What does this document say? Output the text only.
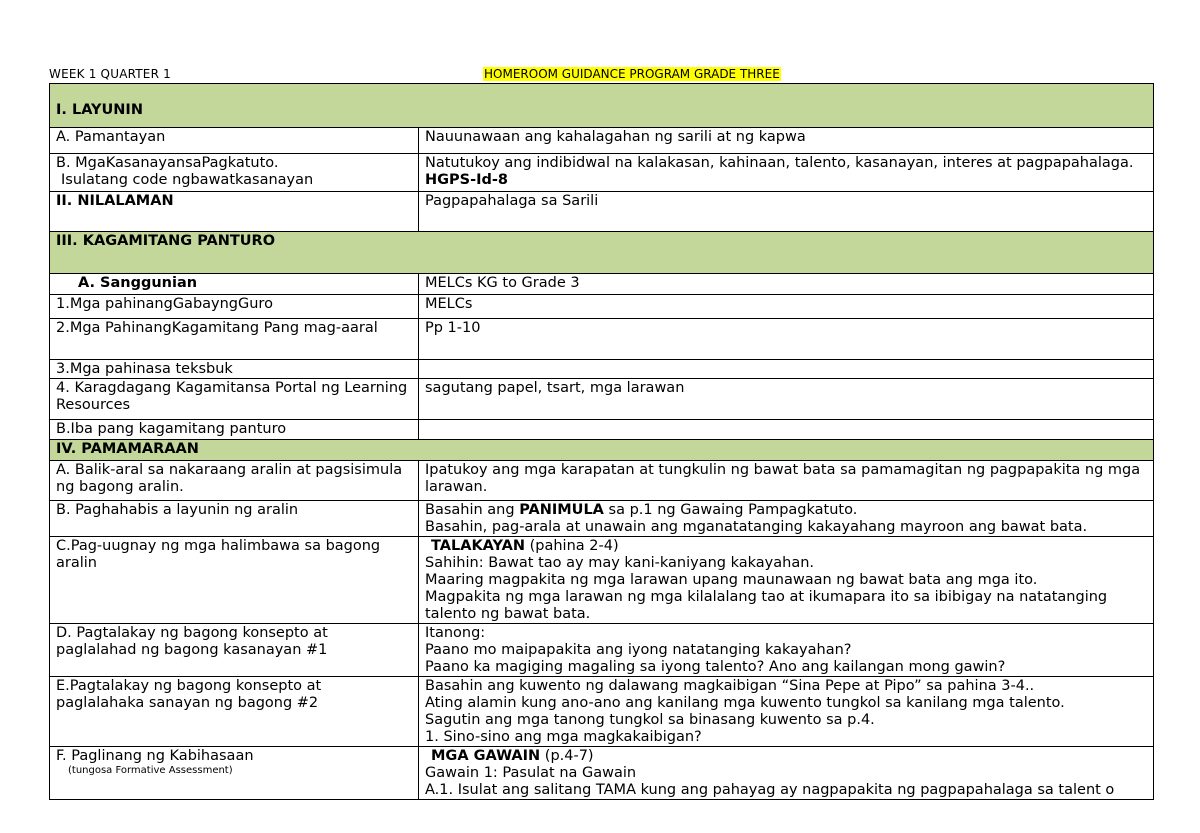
WEEK 1 QUARTER 1	HOMEROOM GUIDANCE PROGRAM GRADE THREE
I. LAYUNIN	
A. Pamantayan	Nauunawaan ang kahalagahan ng sarili at ng kapwa

B. MgaKasanayansaPagkatuto.
Isulatang code ngbawatkasanayan	Natutukoy ang indibidwal na kalakasan, kahinaan, talento, kasanayan, interes at pagpapahalaga.
HGPS-Id-8

II. NILALAMAN	Pagpapahalaga sa Sarili
III. KAGAMITANG PANTURO	
A. Sanggunian	MELCs KG to Grade 3
1.Mga pahinangGabayngGuro	MELCs
2.Mga PahinangKagamitang Pang mag-aaral	Pp 1-10
3.Mga pahinasa teksbuk	
4. Karagdagang Kagamitansa Portal ng Learning Resources	sagutang papel, tsart, mga larawan
B.Iba pang kagamitang panturo	
IV. PAMAMARAAN	
A. Balik-aral sa nakaraang aralin at pagsisimula ng bagong aralin.	Ipatukoy ang mga karapatan at tungkulin ng bawat bata sa pamamagitan ng pagpapakita ng mga larawan.
B. Paghahabis a layunin ng aralin	Basahin ang PANIMULA sa p.1 ng Gawaing Pampagkatuto.
Basahin, pag-aralа at unawain ang mganatatanging kakayahang mayroon ang bawat bata.

C.Pag-uugnay ng mga halimbawa sa bagong aralin	TALAKAYAN (pahina 2-4)
Sahihin: Bawat tao ay may kani-kaniyang kakayahan.
Maaring magpakita ng mga larawan upang maunawaan ng bawat bata ang mga ito.
Magpakita ng mga larawan ng mga kilalalang tao at ikumapara ito sa ibibigay na natatanging talento ng bawat bata.

D. Pagtalakay ng bagong konsepto at paglalahad ng bagong kasanayan #1	Itanong:
Paano mo maipapakita ang iyong natatanging kakayahan?
Paano ka magiging magaling sa iyong talento? Ano ang kailangan mong gawin?

E.Pagtalakay ng bagong konsepto at paglalahaka sanayan ng bagong #2	Basahin ang kuwento ng dalawang magkaibigan “Sina Pepe at Pipo” sa pahina 3-4..
Ating alamin kung ano-ano ang kanilang mga kuwento tungkol sa kanilang mga talento.
Sagutin ang mga tanong tungkol sa binasang kuwento sa p.4.
1. Sino-sino ang mga magkakaibigan?

F. Paglinang ng Kabihasaan
(tungosa Formative Assessment)	MGA GAWAIN (p.4-7)
Gawain 1: Pasulat na Gawain
A.1. Isulat ang salitang TAMA kung ang pahayag ay nagpapakita ng pagpapahalaga sa talent o
